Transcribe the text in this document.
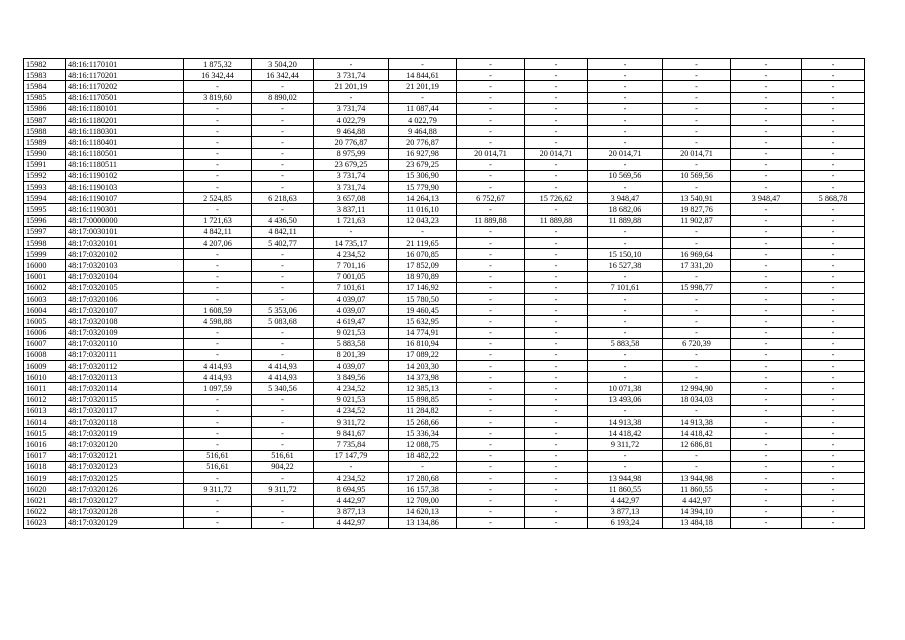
15982	48:16:1170101	1 875,32	3 504,20	-	-	-	-	-	-	-	-
15983	48:16:1170201	16 342,44	16 342,44	3 731,74	14 844,61	-	-	-	-	-	-
15984	48:16:1170202	-	-	21 201,19	21 201,19	-	-	-	-	-	-
15985	48:16:1170501	3 819,60	8 890,02	-	-	-	-	-	-	-	-
15986	48:16:1180101	-	-	3 731,74	11 087,44	-	-	-	-	-	-
15987	48:16:1180201	-	-	4 022,79	4 022,79	-	-	-	-	-	-
15988	48:16:1180301	-	-	9 464,88	9 464,88	-	-	-	-	-	-
15989	48:16:1180401	-	-	20 776,87	20 776,87	-	-	-	-	-	-
15990	48:16:1180501	-	-	8 975,99	16 927,98	20 014,71	20 014,71	20 014,71	20 014,71	-	-
15991	48:16:1180511	-	-	23 679,25	23 679,25	-	-	-	-	-	-
15992	48:16:1190102	-	-	3 731,74	15 306,90	-	-	10 569,56	10 569,56	-	-
15993	48:16:1190103	-	-	3 731,74	15 779,90	-	-	-	-	-	-
15994	48:16:1190107	2 524,85	6 218,63	3 657,08	14 264,13	6 752,67	15 726,62	3 948,47	13 540,91	3 948,47	5 868,78
15995	48:16:1190301	-	-	3 837,11	11 016,10	-	-	18 682,06	19 827,76	-	-
15996	48:17:0000000	1 721,63	4 436,50	1 721,63	12 043,23	11 889,88	11 889,88	11 889,88	11 902,87	-	-
15997	48:17:0030101	4 842,11	4 842,11	-	-	-	-	-	-	-	-
15998	48:17:0320101	4 207,06	5 402,77	14 735,17	21 119,65	-	-	-	-	-	-
15999	48:17:0320102	-	-	4 234,52	16 070,85	-	-	15 150,10	16 969,64	-	-
16000	48:17:0320103	-	-	7 701,16	17 852,09	-	-	16 527,38	17 331,20	-	-
16001	48:17:0320104	-	-	7 001,05	18 970,89	-	-	-	-	-	-
16002	48:17:0320105	-	-	7 101,61	17 146,92	-	-	7 101,61	15 998,77	-	-
16003	48:17:0320106	-	-	4 039,07	15 780,50	-	-	-	-	-	-
16004	48:17:0320107	1 608,59	5 353,06	4 039,07	19 460,45	-	-	-	-	-	-
16005	48:17:0320108	4 598,88	5 083,68	4 619,47	15 632,95	-	-	-	-	-	-
16006	48:17:0320109	-	-	9 021,53	14 774,91	-	-	-	-	-	-
16007	48:17:0320110	-	-	5 883,58	16 810,94	-	-	5 883,58	6 720,39	-	-
16008	48:17:0320111	-	-	8 201,39	17 089,22	-	-	-	-	-	-
16009	48:17:0320112	4 414,93	4 414,93	4 039,07	14 203,30	-	-	-	-	-	-
16010	48:17:0320113	4 414,93	4 414,93	3 849,56	14 373,98	-	-	-	-	-	-
16011	48:17:0320114	1 097,59	5 340,56	4 234,52	12 385,13	-	-	10 071,38	12 994,90	-	-
16012	48:17:0320115	-	-	9 021,53	15 898,85	-	-	13 493,06	18 034,03	-	-
16013	48:17:0320117	-	-	4 234,52	11 284,82	-	-	-	-	-	-
16014	48:17:0320118	-	-	9 311,72	15 268,66	-	-	14 913,38	14 913,38	-	-
16015	48:17:0320119	-	-	9 841,67	15 336,34	-	-	14 418,42	14 418,42	-	-
16016	48:17:0320120	-	-	7 735,84	12 088,75	-	-	9 311,72	12 686,81	-	-
16017	48:17:0320121	516,61	516,61	17 147,79	18 482,22	-	-	-	-	-	-
16018	48:17:0320123	516,61	904,22	-	-	-	-	-	-	-	-
16019	48:17:0320125	-	-	4 234,52	17 280,68	-	-	13 944,98	13 944,98	-	-
16020	48:17:0320126	9 311,72	9 311,72	8 694,95	16 157,38	-	-	11 860,55	11 860,55	-	-
16021	48:17:0320127	-	-	4 442,97	12 709,00	-	-	4 442,97	4 442,97	-	-
16022	48:17:0320128	-	-	3 877,13	14 620,13	-	-	3 877,13	14 394,10	-	-
16023	48:17:0320129	-	-	4 442,97	13 134,86	-	-	6 193,24	13 484,18	-	-
